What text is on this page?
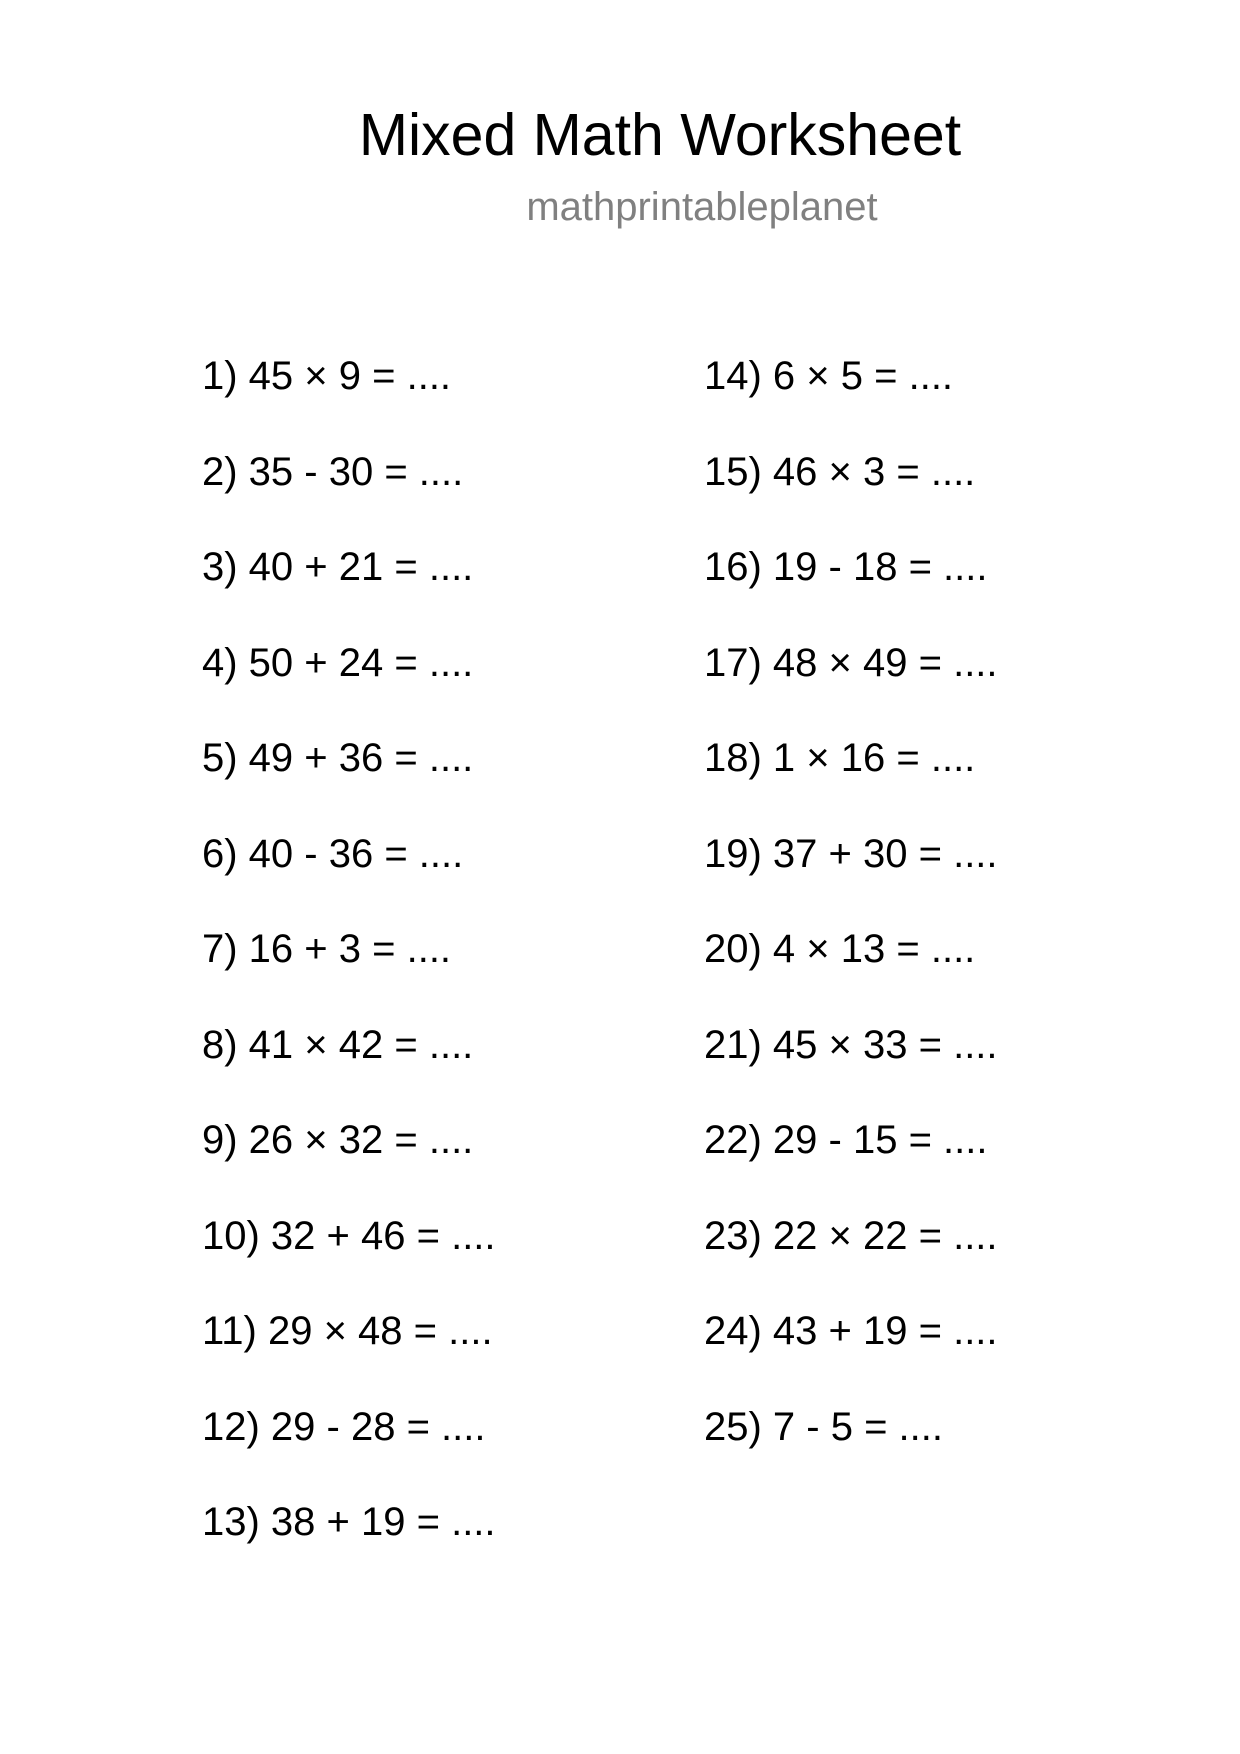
Mixed Math Worksheet
mathprintableplanet
1) 45 × 9 = ....
2) 35 - 30 = ....
3) 40 + 21 = ....
4) 50 + 24 = ....
5) 49 + 36 = ....
6) 40 - 36 = ....
7) 16 + 3 = ....
8) 41 × 42 = ....
9) 26 × 32 = ....
10) 32 + 46 = ....
11) 29 × 48 = ....
12) 29 - 28 = ....
13) 38 + 19 = ....
14) 6 × 5 = ....
15) 46 × 3 = ....
16) 19 - 18 = ....
17) 48 × 49 = ....
18) 1 × 16 = ....
19) 37 + 30 = ....
20) 4 × 13 = ....
21) 45 × 33 = ....
22) 29 - 15 = ....
23) 22 × 22 = ....
24) 43 + 19 = ....
25) 7 - 5 = ....
